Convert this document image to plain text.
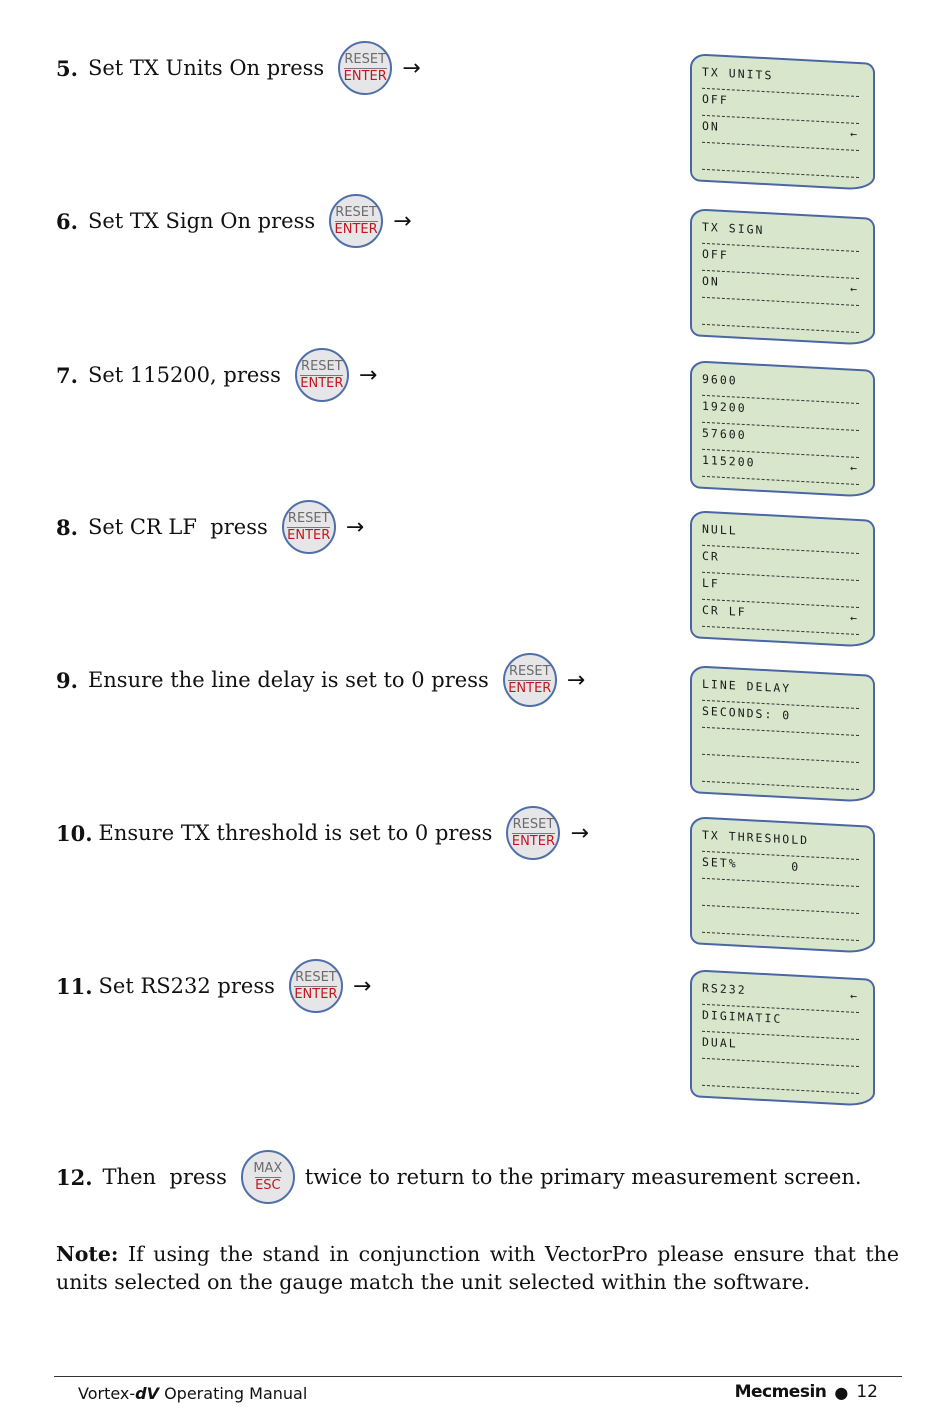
5. Set TX Units On press RESET
ENTER →
6. Set TX Sign On press RESET
ENTER →
7. Set 115200, press RESET
ENTER →
8. Set CR LF  press RESET
ENTER →
9. Ensure the line delay is set to 0 press RESET
ENTER →
10. Ensure TX threshold is set to 0 press RESET
ENTER →
11. Set RS232 press RESET
ENTER →
12. Then  press MAX
ESC twice to return to the primary measurement screen.
TX UNITS
OFF
ON
←
TX SIGN
OFF
ON
←
9600
19200
57600
115200	←
NULL
CR
LF
CR LF	←
LINE DELAY
SECONDS: 0
TX THRESHOLD
SET%      0
RS232	←
DIGIMATIC
DUAL
Note: If using the stand in conjunction with VectorPro please ensure that the units selected on the gauge match the unit selected within the software.
Vortex-dV Operating Manual	Mecmesin ● 12
